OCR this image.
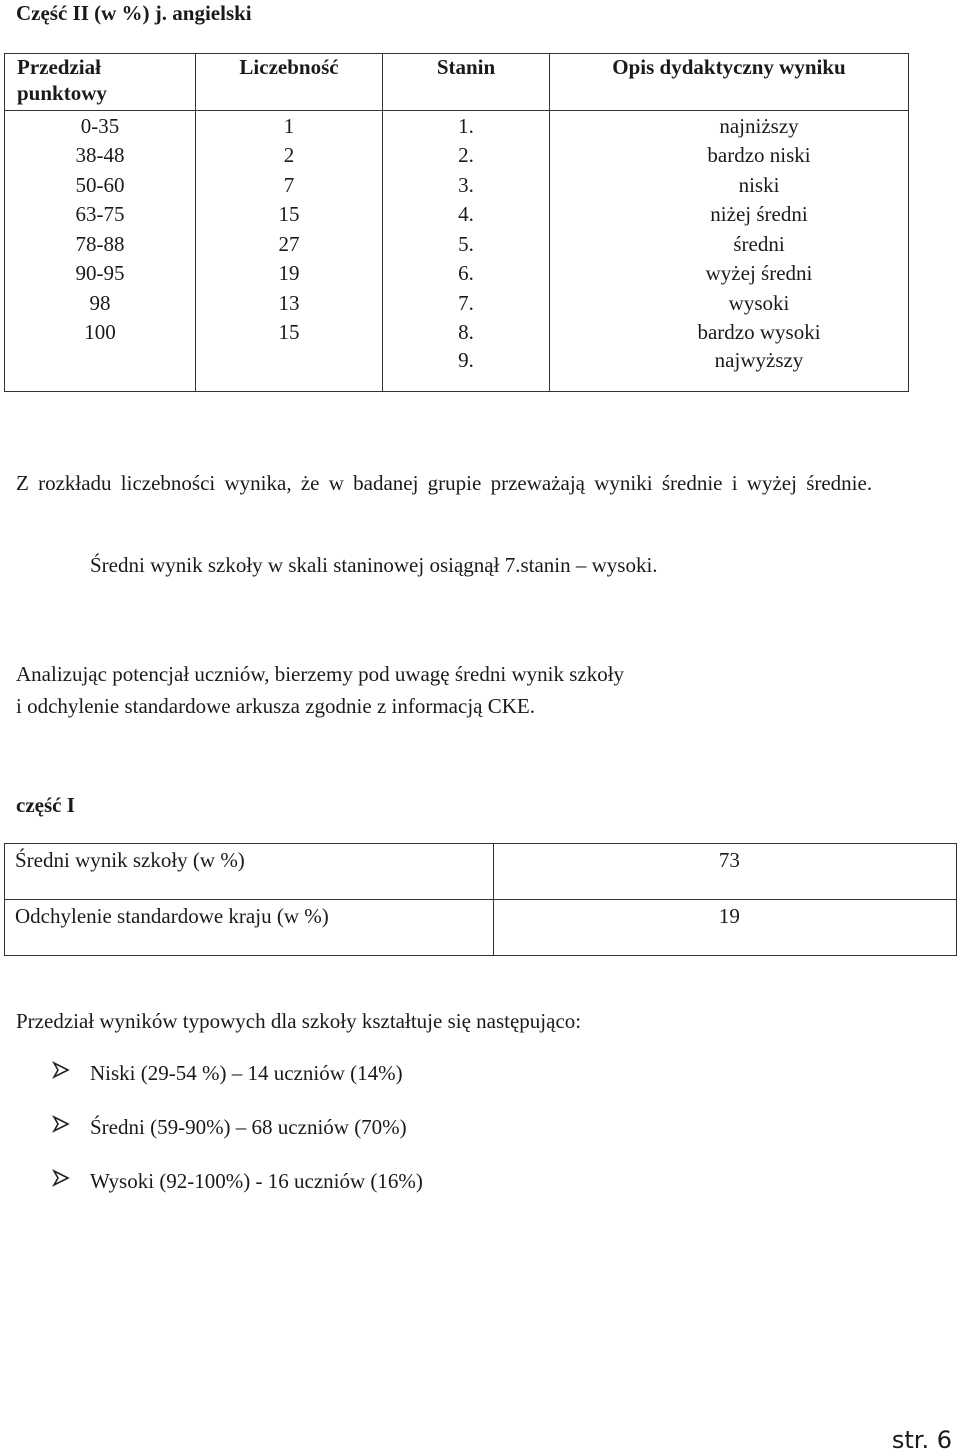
Część II (w %) j. angielski
Przedział punktowy	Liczebność	Stanin	Opis dydaktyczny wyniku
0-35	1	1.	najniższy
38-48	2	2.	bardzo niski
50-60	7	3.	niski
63-75	15	4.	niżej średni
78-88	27	5.	średni
90-95	19	6.	wyżej średni
98	13	7.	wysoki
100	15	8.	bardzo wysoki
		9.	najwyższy
Z rozkładu liczebności wynika, że w badanej grupie przeważają wyniki średnie i wyżej średnie.
Średni wynik szkoły w skali staninowej osiągnął 7.stanin – wysoki.
Analizując potencjał uczniów, bierzemy pod uwagę średni wynik szkoły
i odchylenie standardowe arkusza zgodnie z informacją CKE.
część I
Średni wynik szkoły (w %)	73
Odchylenie standardowe kraju (w %)	19
Przedział wyników typowych dla szkoły kształtuje się następująco:
Niski (29-54 %) – 14 uczniów (14%)
Średni (59-90%) – 68 uczniów (70%)
Wysoki (92-100%) - 16 uczniów (16%)
str. 6
